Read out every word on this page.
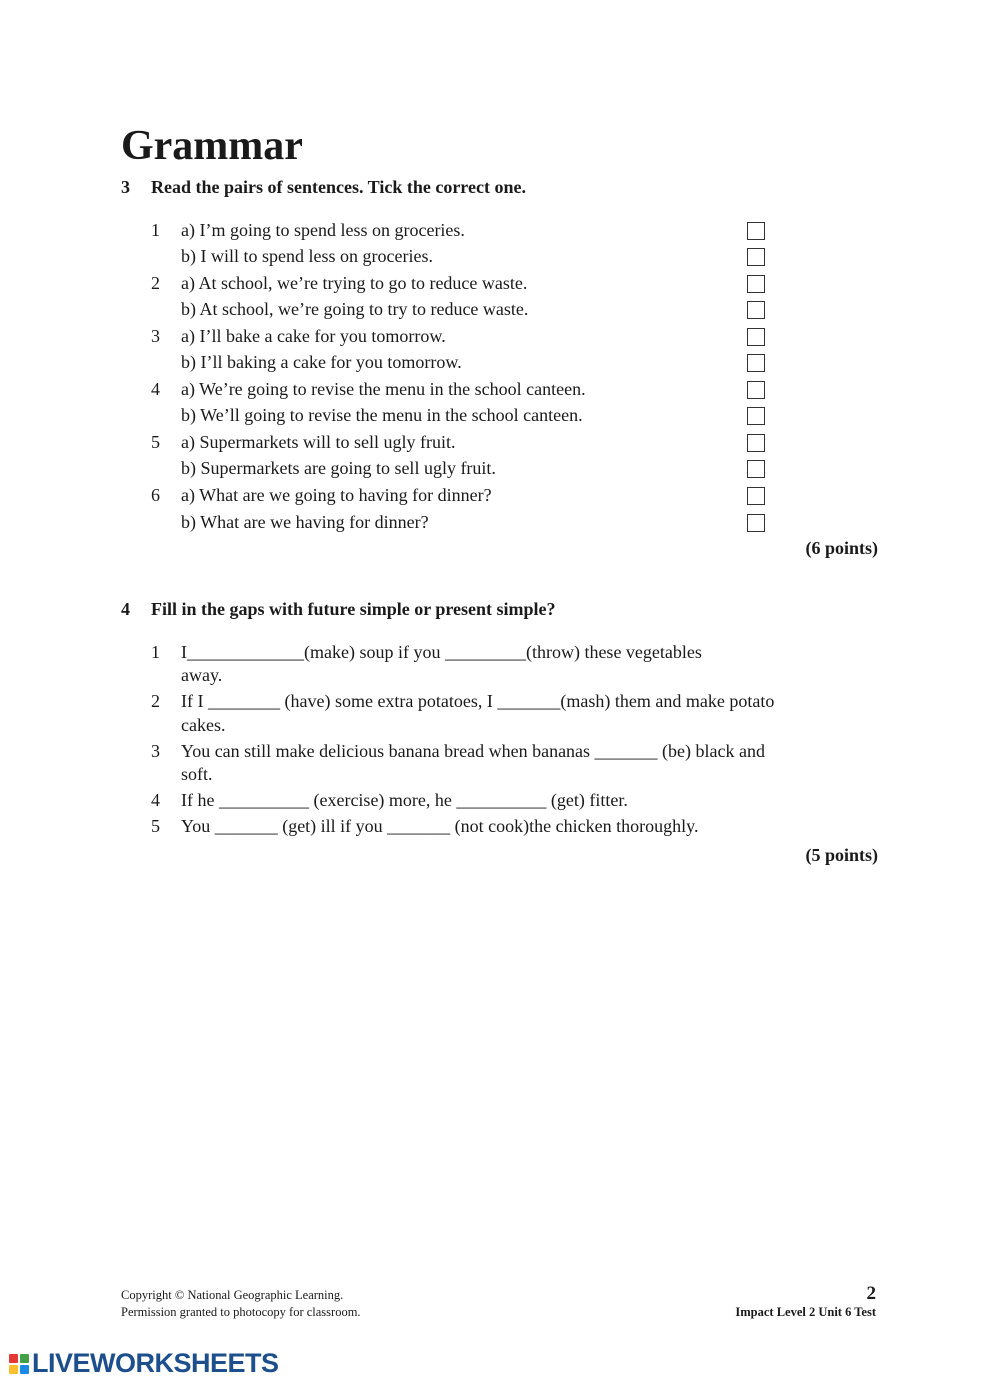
Grammar
3 Read the pairs of sentences. Tick the correct one.
1 a) I’m going to spend less on groceries.
b) I will to spend less on groceries.
2 a) At school, we’re trying to go to reduce waste.
b) At school, we’re going to try to reduce waste.
3 a) I’ll bake a cake for you tomorrow.
b) I’ll baking a cake for you tomorrow.
4 a) We’re going to revise the menu in the school canteen.
b) We’ll going to revise the menu in the school canteen.
5 a) Supermarkets will to sell ugly fruit.
b) Supermarkets are going to sell ugly fruit.
6 a) What are we going to having for dinner?
b) What are we having for dinner?
(6 points)
4 Fill in the gaps with future simple or present simple?
1 I_____________(make) soup if you _________(throw) these vegetables
away.
2 If I ________ (have) some extra potatoes, I _______(mash) them and make potato
cakes.
3 You can still make delicious banana bread when bananas _______ (be) black and
soft.
4 If he __________ (exercise) more, he __________ (get) fitter.
5 You _______ (get) ill if you _______ (not cook)the chicken thoroughly.
(5 points)
Copyright © National Geographic Learning.
Permission granted to photocopy for classroom.
2
Impact Level 2 Unit 6 Test
LIVEWORKSHEETS
